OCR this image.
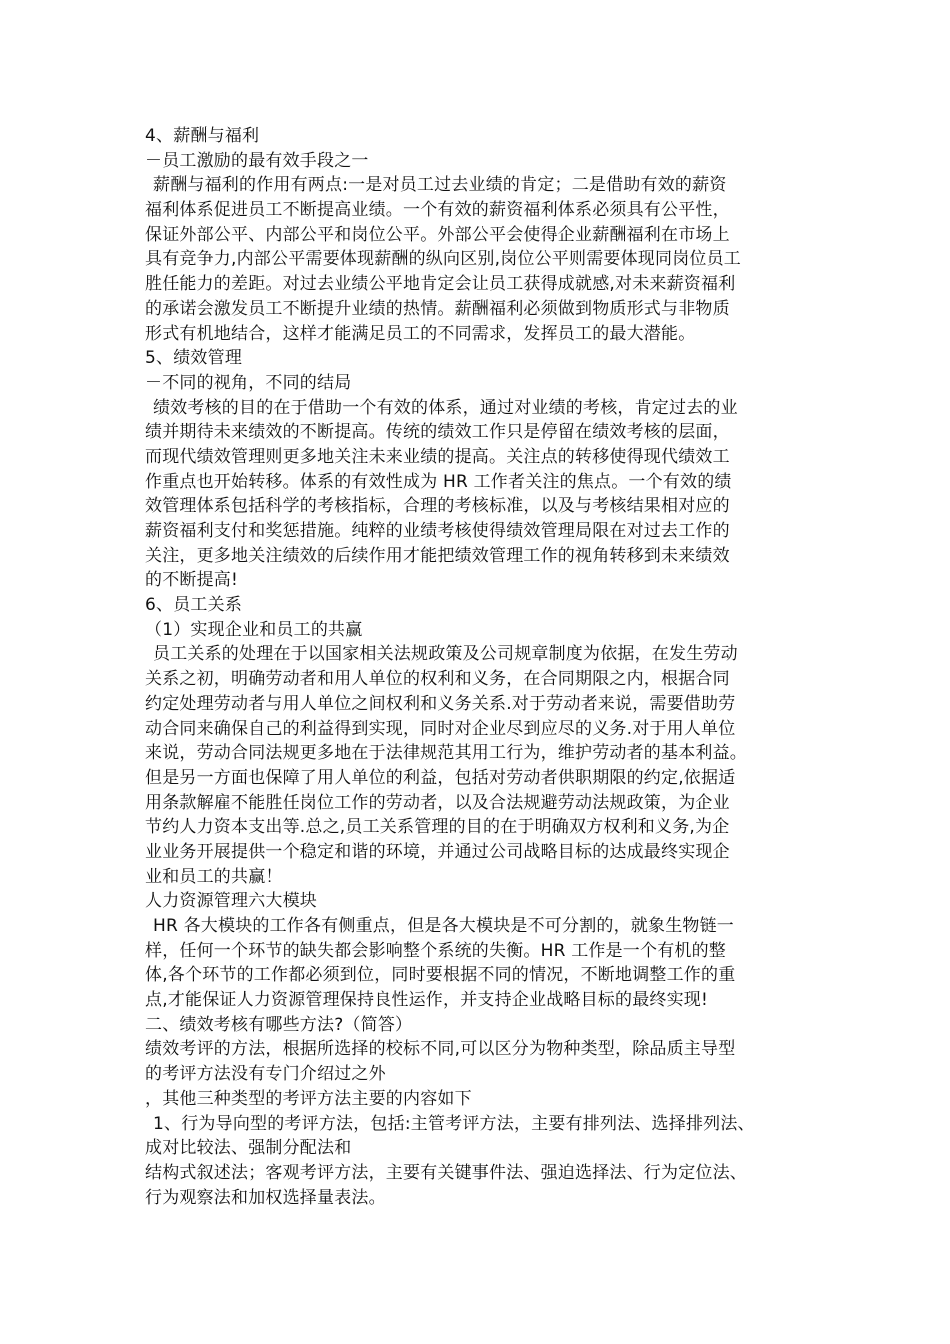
4、薪酬与福利
－员工激励的最有效手段之一
薪酬与福利的作用有两点:一是对员工过去业绩的肯定；二是借助有效的薪资
福利体系促进员工不断提高业绩。一个有效的薪资福利体系必须具有公平性，
保证外部公平、内部公平和岗位公平。外部公平会使得企业薪酬福利在市场上
具有竞争力,内部公平需要体现薪酬的纵向区别,岗位公平则需要体现同岗位员工
胜任能力的差距。对过去业绩公平地肯定会让员工获得成就感,对未来薪资福利
的承诺会激发员工不断提升业绩的热情。薪酬福利必须做到物质形式与非物质
形式有机地结合，这样才能满足员工的不同需求，发挥员工的最大潜能。
5、绩效管理
－不同的视角，不同的结局
绩效考核的目的在于借助一个有效的体系，通过对业绩的考核，肯定过去的业
绩并期待未来绩效的不断提高。传统的绩效工作只是停留在绩效考核的层面，
而现代绩效管理则更多地关注未来业绩的提高。关注点的转移使得现代绩效工
作重点也开始转移。体系的有效性成为 HR 工作者关注的焦点。一个有效的绩
效管理体系包括科学的考核指标，合理的考核标准，以及与考核结果相对应的
薪资福利支付和奖惩措施。纯粹的业绩考核使得绩效管理局限在对过去工作的
关注，更多地关注绩效的后续作用才能把绩效管理工作的视角转移到未来绩效
的不断提高!
6、员工关系
（1）实现企业和员工的共赢
员工关系的处理在于以国家相关法规政策及公司规章制度为依据，在发生劳动
关系之初，明确劳动者和用人单位的权利和义务，在合同期限之内，根据合同
约定处理劳动者与用人单位之间权利和义务关系.对于劳动者来说，需要借助劳
动合同来确保自己的利益得到实现，同时对企业尽到应尽的义务.对于用人单位
来说，劳动合同法规更多地在于法律规范其用工行为，维护劳动者的基本利益。
但是另一方面也保障了用人单位的利益，包括对劳动者供职期限的约定,依据适
用条款解雇不能胜任岗位工作的劳动者，以及合法规避劳动法规政策，为企业
节约人力资本支出等.总之,员工关系管理的目的在于明确双方权利和义务,为企
业业务开展提供一个稳定和谐的环境，并通过公司战略目标的达成最终实现企
业和员工的共赢！
人力资源管理六大模块
HR 各大模块的工作各有侧重点，但是各大模块是不可分割的，就象生物链一
样，任何一个环节的缺失都会影响整个系统的失衡。HR 工作是一个有机的整
体,各个环节的工作都必须到位，同时要根据不同的情况，不断地调整工作的重
点,才能保证人力资源管理保持良性运作，并支持企业战略目标的最终实现!
二、绩效考核有哪些方法?（简答）
绩效考评的方法，根据所选择的校标不同,可以区分为物种类型，除品质主导型
的考评方法没有专门介绍过之外
，其他三种类型的考评方法主要的内容如下
1、行为导向型的考评方法，包括:主管考评方法，主要有排列法、选择排列法、
成对比较法、强制分配法和
结构式叙述法；客观考评方法，主要有关键事件法、强迫选择法、行为定位法、
行为观察法和加权选择量表法。
